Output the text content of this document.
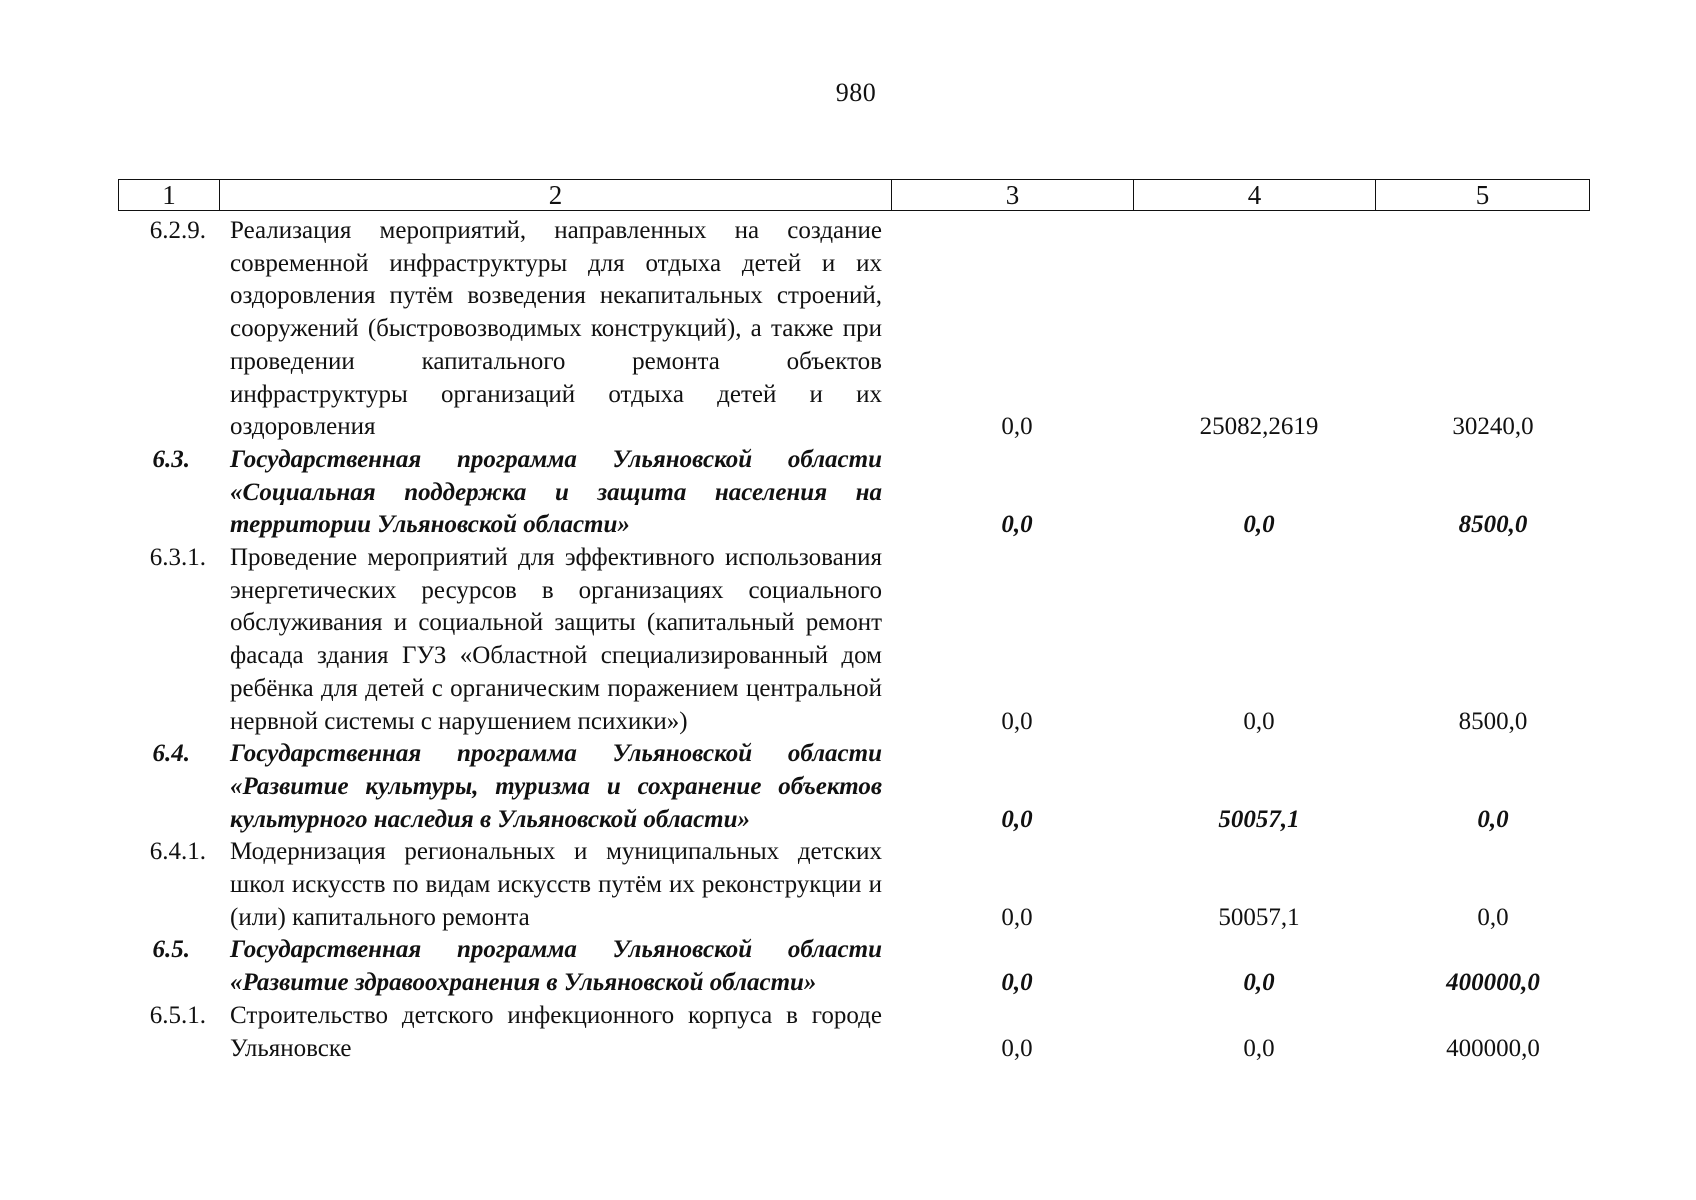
980
1	2	3	4	5
6.2.9. Реализация мероприятий, направленных на создание современной инфраструктуры для отдыха детей и их оздоровления путём возведения некапитальных строений, сооружений (быстровозводимых конструкций), а также при проведении капитального ремонта объектов инфраструктуры организаций отдыха детей и их оздоровления	0,0	25082,2619	30240,0
6.3.	Государственная программа Ульяновской области «Социальная поддержка и защита населения на территории Ульяновской области»	0,0	0,0	8500,0
6.3.1. Проведение мероприятий для эффективного использования энергетических ресурсов в организациях социального обслуживания и социальной защиты (капитальный ремонт фасада здания ГУЗ «Областной специализированный дом ребёнка для детей с органическим поражением центральной нервной системы с нарушением психики»)	0,0	0,0	8500,0
6.4.	Государственная программа Ульяновской области «Развитие культуры, туризма и сохранение объектов культурного наследия в Ульяновской области»	0,0	50057,1	0,0
6.4.1. Модернизация региональных и муниципальных детских школ искусств по видам искусств путём их реконструкции и (или) капитального ремонта	0,0	50057,1	0,0
6.5.	Государственная программа Ульяновской области «Развитие здравоохранения в Ульяновской области»	0,0	0,0	400000,0
6.5.1. Строительство детского инфекционного корпуса в городе Ульяновске	0,0	0,0	400000,0
